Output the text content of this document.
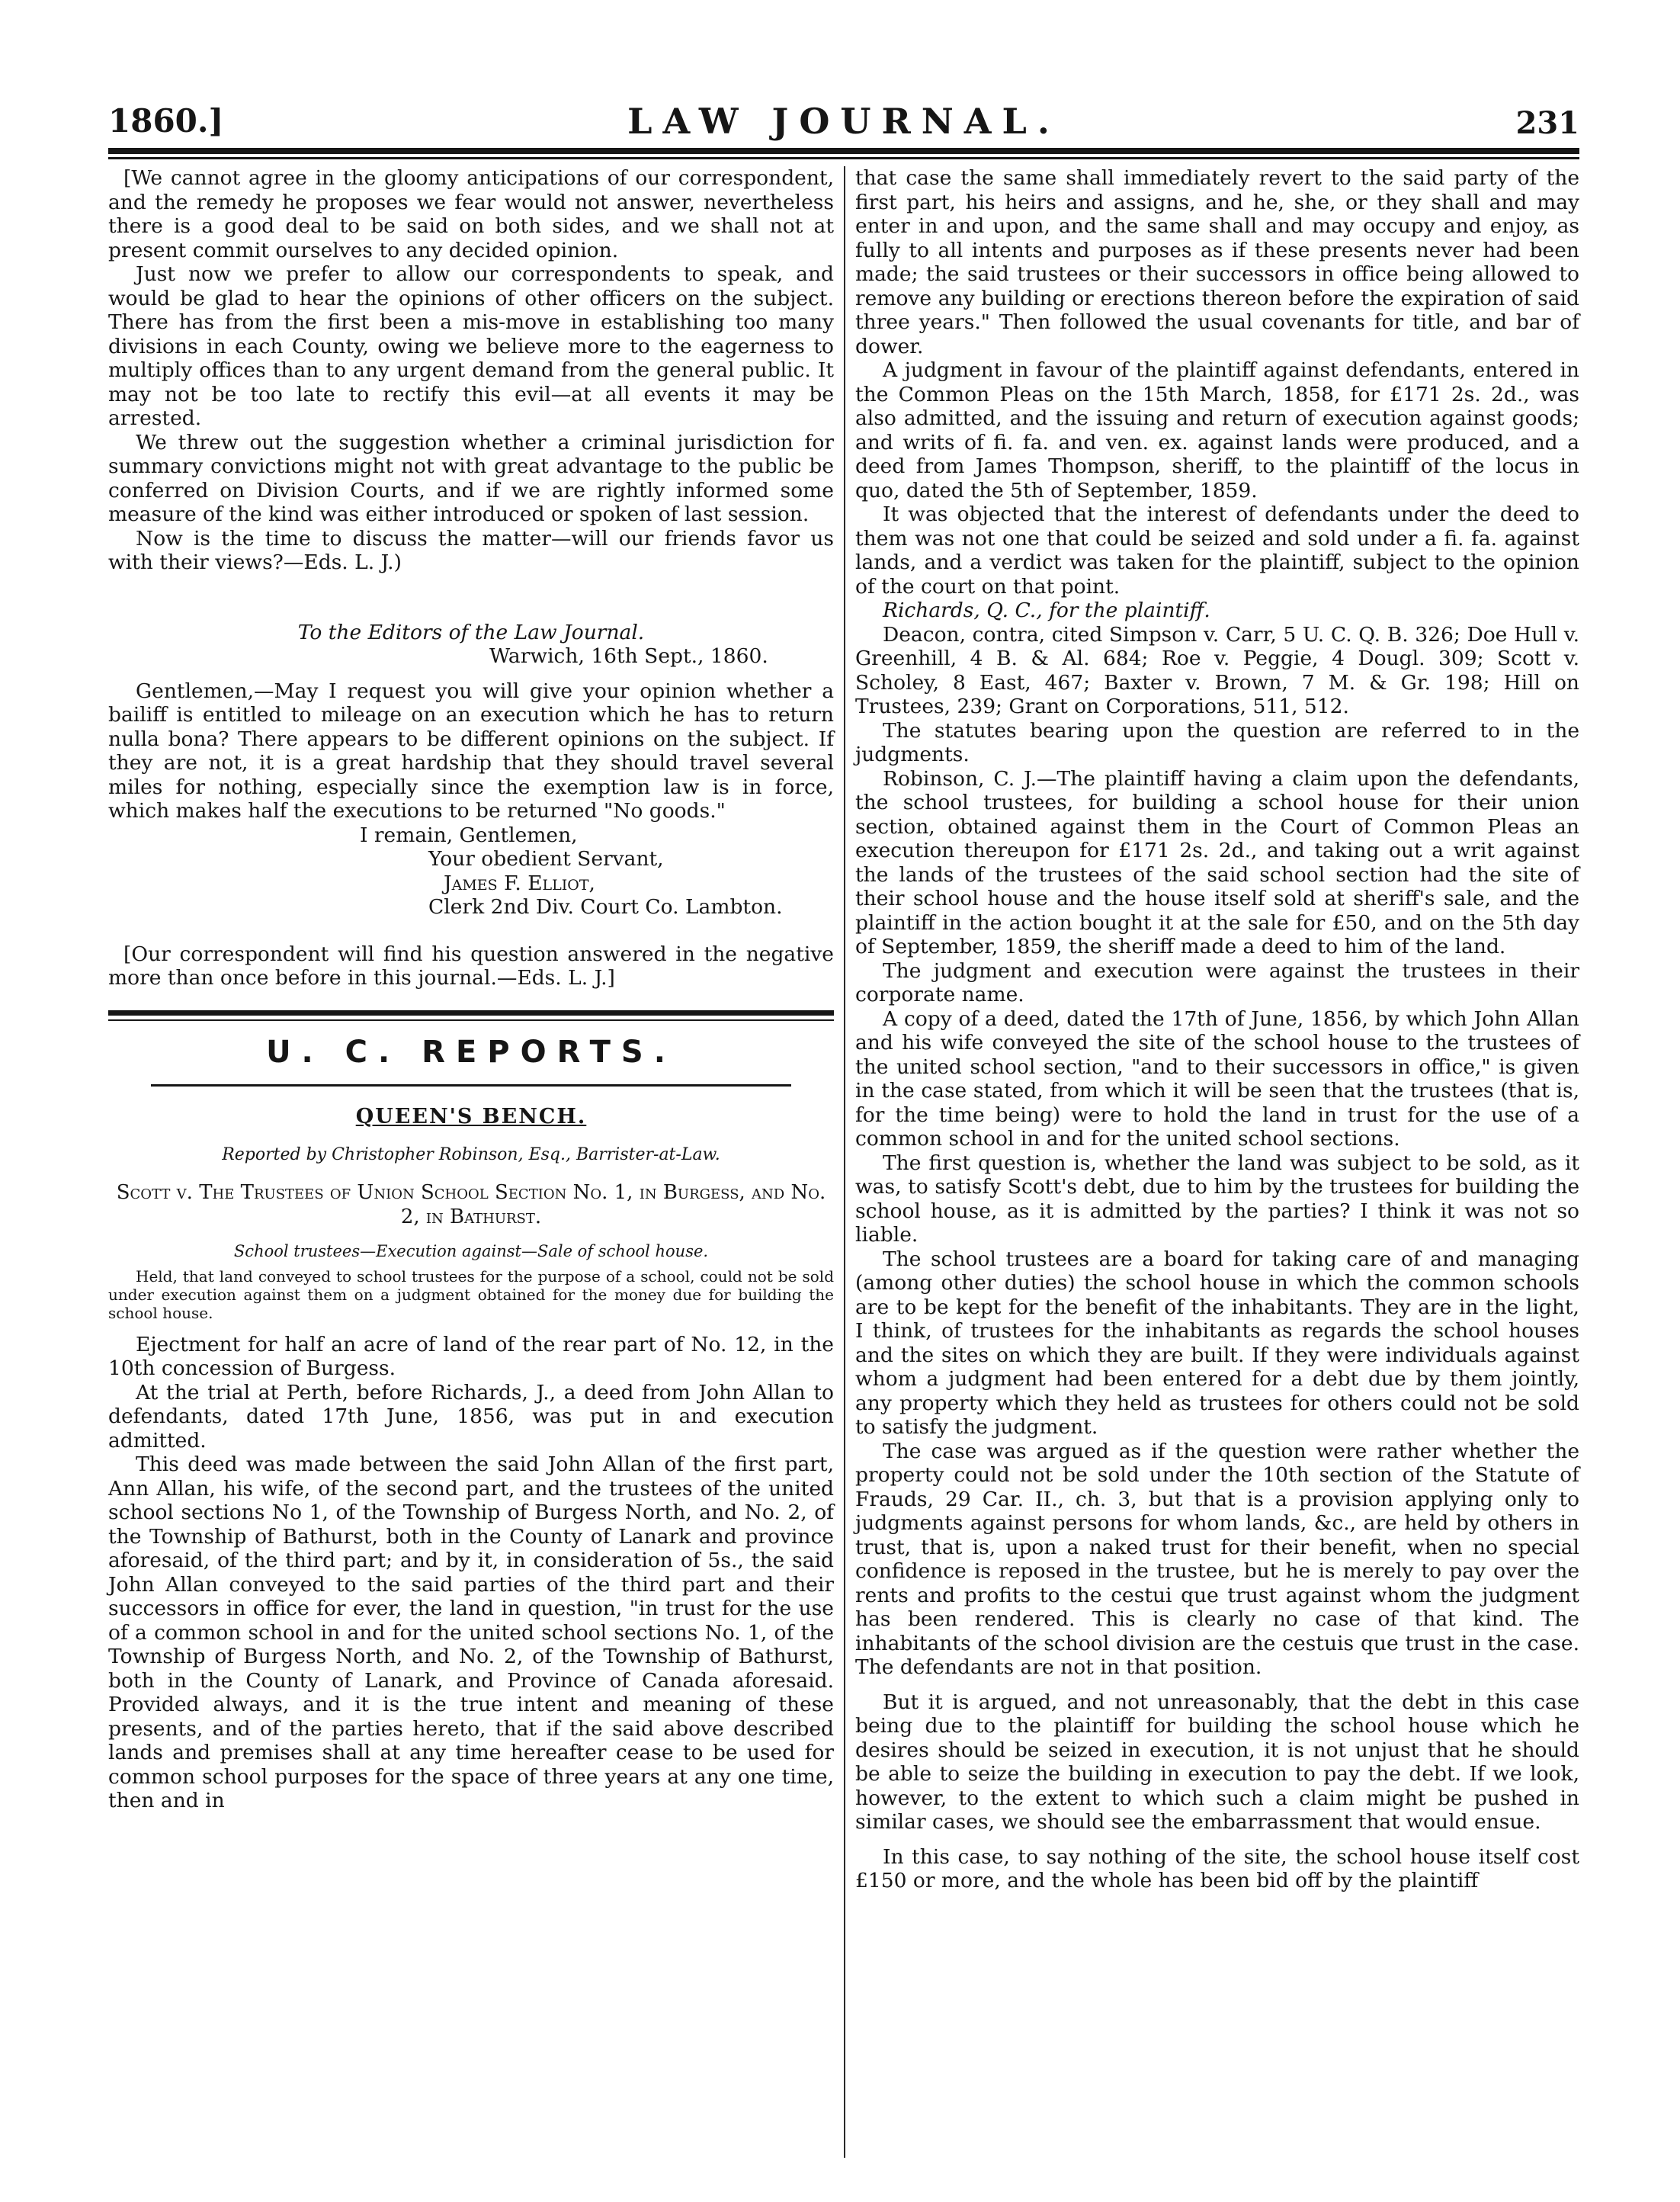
1860.]	LAW JOURNAL.	231

[We cannot agree in the gloomy anticipations of our correspondent, and the remedy he proposes we fear would not answer, nevertheless there is a good deal to be said on both sides, and we shall not at present commit ourselves to any decided opinion.

Just now we prefer to allow our correspondents to speak, and would be glad to hear the opinions of other officers on the subject. There has from the first been a mis-move in establishing too many divisions in each County, owing we believe more to the eagerness to multiply offices than to any urgent demand from the general public. It may not be too late to rectify this evil—at all events it may be arrested.

We threw out the suggestion whether a criminal jurisdiction for summary convictions might not with great advantage to the public be conferred on Division Courts, and if we are rightly informed some measure of the kind was either introduced or spoken of last session.

Now is the time to discuss the matter—will our friends favor us with their views?—Eds. L. J.)

To the Editors of the Law Journal.

Warwich, 16th Sept., 1860.

Gentlemen,—May I request you will give your opinion whether a bailiff is entitled to mileage on an execution which he has to return nulla bona? There appears to be different opinions on the subject. If they are not, it is a great hardship that they should travel several miles for nothing, especially since the exemption law is in force, which makes half the executions to be returned "No goods."

I remain, Gentlemen,

Your obedient Servant,

James F. Elliot,

Clerk 2nd Div. Court Co. Lambton.

[Our correspondent will find his question answered in the negative more than once before in this journal.—Eds. L. J.]

U. C. REPORTS.
QUEEN'S BENCH.
Reported by Christopher Robinson, Esq., Barrister-at-Law.
Scott v. The Trustees of Union School Section No. 1, in Burgess, and No. 2, in Bathurst.
School trustees—Execution against—Sale of school house.

Held, that land conveyed to school trustees for the purpose of a school, could not be sold under execution against them on a judgment obtained for the money due for building the school house.

Ejectment for half an acre of land of the rear part of No. 12, in the 10th concession of Burgess.

At the trial at Perth, before Richards, J., a deed from John Allan to defendants, dated 17th June, 1856, was put in and execution admitted.

This deed was made between the said John Allan of the first part, Ann Allan, his wife, of the second part, and the trustees of the united school sections No 1, of the Township of Burgess North, and No. 2, of the Township of Bathurst, both in the County of Lanark and province aforesaid, of the third part; and by it, in consideration of 5s., the said John Allan conveyed to the said parties of the third part and their successors in office for ever, the land in question, "in trust for the use of a common school in and for the united school sections No. 1, of the Township of Burgess North, and No. 2, of the Township of Bathurst, both in the County of Lanark, and Province of Canada aforesaid. Provided always, and it is the true intent and meaning of these presents, and of the parties hereto, that if the said above described lands and premises shall at any time hereafter cease to be used for common school purposes for the space of three years at any one time, then and in

that case the same shall immediately revert to the said party of the first part, his heirs and assigns, and he, she, or they shall and may enter in and upon, and the same shall and may occupy and enjoy, as fully to all intents and purposes as if these presents never had been made; the said trustees or their successors in office being allowed to remove any building or erections thereon before the expiration of said three years." Then followed the usual covenants for title, and bar of dower.

A judgment in favour of the plaintiff against defendants, entered in the Common Pleas on the 15th March, 1858, for £171 2s. 2d., was also admitted, and the issuing and return of execution against goods; and writs of fi. fa. and ven. ex. against lands were produced, and a deed from James Thompson, sheriff, to the plaintiff of the locus in quo, dated the 5th of September, 1859.

It was objected that the interest of defendants under the deed to them was not one that could be seized and sold under a fi. fa. against lands, and a verdict was taken for the plaintiff, subject to the opinion of the court on that point.

Richards, Q. C., for the plaintiff.

Deacon, contra, cited Simpson v. Carr, 5 U. C. Q. B. 326; Doe Hull v. Greenhill, 4 B. & Al. 684; Roe v. Peggie, 4 Dougl. 309; Scott v. Scholey, 8 East, 467; Baxter v. Brown, 7 M. & Gr. 198; Hill on Trustees, 239; Grant on Corporations, 511, 512.

The statutes bearing upon the question are referred to in the judgments.

Robinson, C. J.—The plaintiff having a claim upon the defendants, the school trustees, for building a school house for their union section, obtained against them in the Court of Common Pleas an execution thereupon for £171 2s. 2d., and taking out a writ against the lands of the trustees of the said school section had the site of their school house and the house itself sold at sheriff's sale, and the plaintiff in the action bought it at the sale for £50, and on the 5th day of September, 1859, the sheriff made a deed to him of the land.

The judgment and execution were against the trustees in their corporate name.

A copy of a deed, dated the 17th of June, 1856, by which John Allan and his wife conveyed the site of the school house to the trustees of the united school section, "and to their successors in office," is given in the case stated, from which it will be seen that the trustees (that is, for the time being) were to hold the land in trust for the use of a common school in and for the united school sections.

The first question is, whether the land was subject to be sold, as it was, to satisfy Scott's debt, due to him by the trustees for building the school house, as it is admitted by the parties? I think it was not so liable.

The school trustees are a board for taking care of and managing (among other duties) the school house in which the common schools are to be kept for the benefit of the inhabitants. They are in the light, I think, of trustees for the inhabitants as regards the school houses and the sites on which they are built. If they were individuals against whom a judgment had been entered for a debt due by them jointly, any property which they held as trustees for others could not be sold to satisfy the judgment.

The case was argued as if the question were rather whether the property could not be sold under the 10th section of the Statute of Frauds, 29 Car. II., ch. 3, but that is a provision applying only to judgments against persons for whom lands, &c., are held by others in trust, that is, upon a naked trust for their benefit, when no special confidence is reposed in the trustee, but he is merely to pay over the rents and profits to the cestui que trust against whom the judgment has been rendered. This is clearly no case of that kind. The inhabitants of the school division are the cestuis que trust in the case. The defendants are not in that position.

But it is argued, and not unreasonably, that the debt in this case being due to the plaintiff for building the school house which he desires should be seized in execution, it is not unjust that he should be able to seize the building in execution to pay the debt. If we look, however, to the extent to which such a claim might be pushed in similar cases, we should see the embarrassment that would ensue.

In this case, to say nothing of the site, the school house itself cost £150 or more, and the whole has been bid off by the plaintiff
